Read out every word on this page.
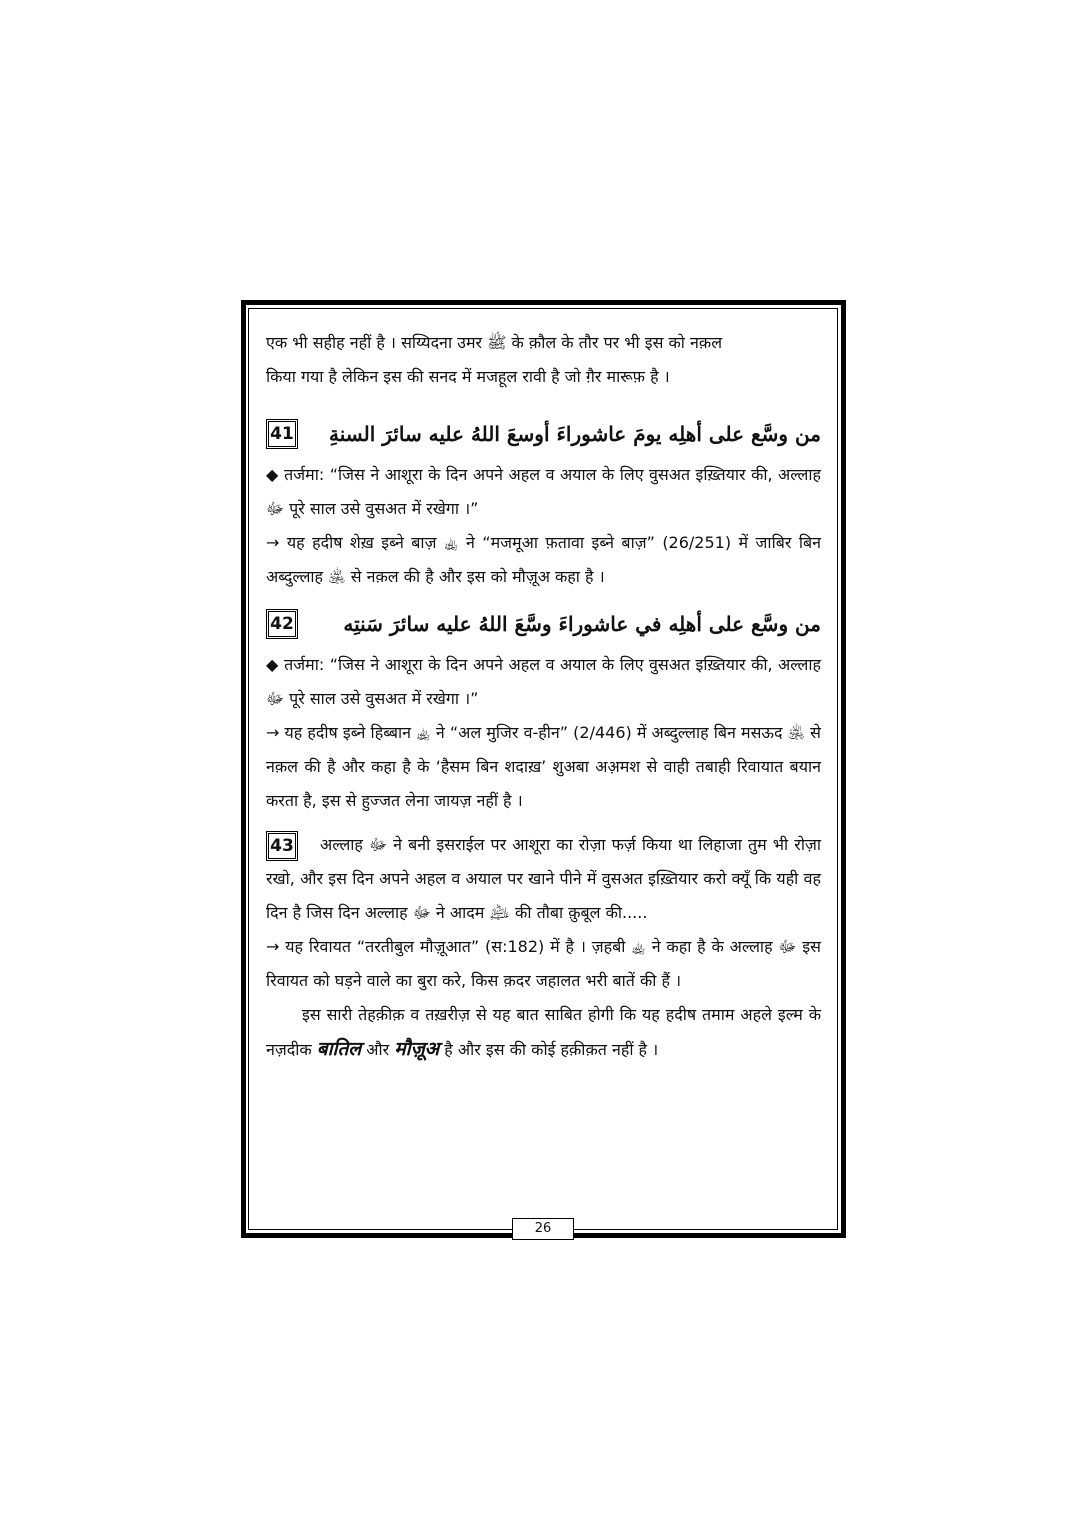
एक भी सहीह नहीं है । सय्यिदना उमर ﷺ के क़ौल के तौर पर भी इस को नक़ल

किया गया है लेकिन इस की सनद में मजहूल रावी है जो ग़ैर मारूफ़ है ।

41	من وسَّع على أهلِه يومَ عاشوراءَ أوسعَ اللهُ عليه سائرَ السنةِ

◆ तर्जमा: “जिस ने आशूरा के दिन अपने अहल व अयाल के लिए वुसअत इख़्तियार की, अल्लाह ﷻ पूरे साल उसे वुसअत में रखेगा ।”

→ यह हदीष शेख़ इब्ने बाज़ ﵀ ने “मजमूआ फ़तावा इब्ने बाज़” (26/251) में जाबिर बिन अब्दुल्लाह ﵁ से नक़ल की है और इस को मौज़ूअ कहा है ।

42	من وسَّع على أهلِه في عاشوراءَ وسَّعَ اللهُ عليه سائرَ سَنتِه

◆ तर्जमा: “जिस ने आशूरा के दिन अपने अहल व अयाल के लिए वुसअत इख़्तियार की, अल्लाह ﷻ पूरे साल उसे वुसअत में रखेगा ।”

→ यह हदीष इब्ने हिब्बान ﵀ ने “अल मुजिर व-हीन” (2/446) में अब्दुल्लाह बिन मसऊद ﵁ से नक़ल की है और कहा है के ‘हैसम बिन शदाख़’ शुअबा अअ़मश से वाही तबाही रिवायात बयान करता है, इस से हुज्जत लेना जायज़ नहीं है ।

43 अल्लाह ﷻ ने बनी इसराईल पर आशूरा का रोज़ा फर्ज़ किया था लिहाजा तुम भी रोज़ा रखो, और इस दिन अपने अहल व अयाल पर खाने पीने में वुसअत इख़्तियार करो क्यूँ कि यही वह दिन है जिस दिन अल्लाह ﷻ ने आदम ﵇ की तौबा क़ुबूल की.....

→ यह रिवायत “तरतीबुल मौज़ूआत” (स:182) में है । ज़हबी ﵀ ने कहा है के अल्लाह ﷻ इस रिवायत को घड़ने वाले का बुरा करे, किस क़दर जहालत भरी बातें की हैं ।

इस सारी तेहक़ीक़ व तख़रीज़ से यह बात साबित होगी कि यह हदीष तमाम अहले इल्म के नज़दीक बातिल और मौज़ूअ है और इस की कोई हक़ीक़त नहीं है ।

26
